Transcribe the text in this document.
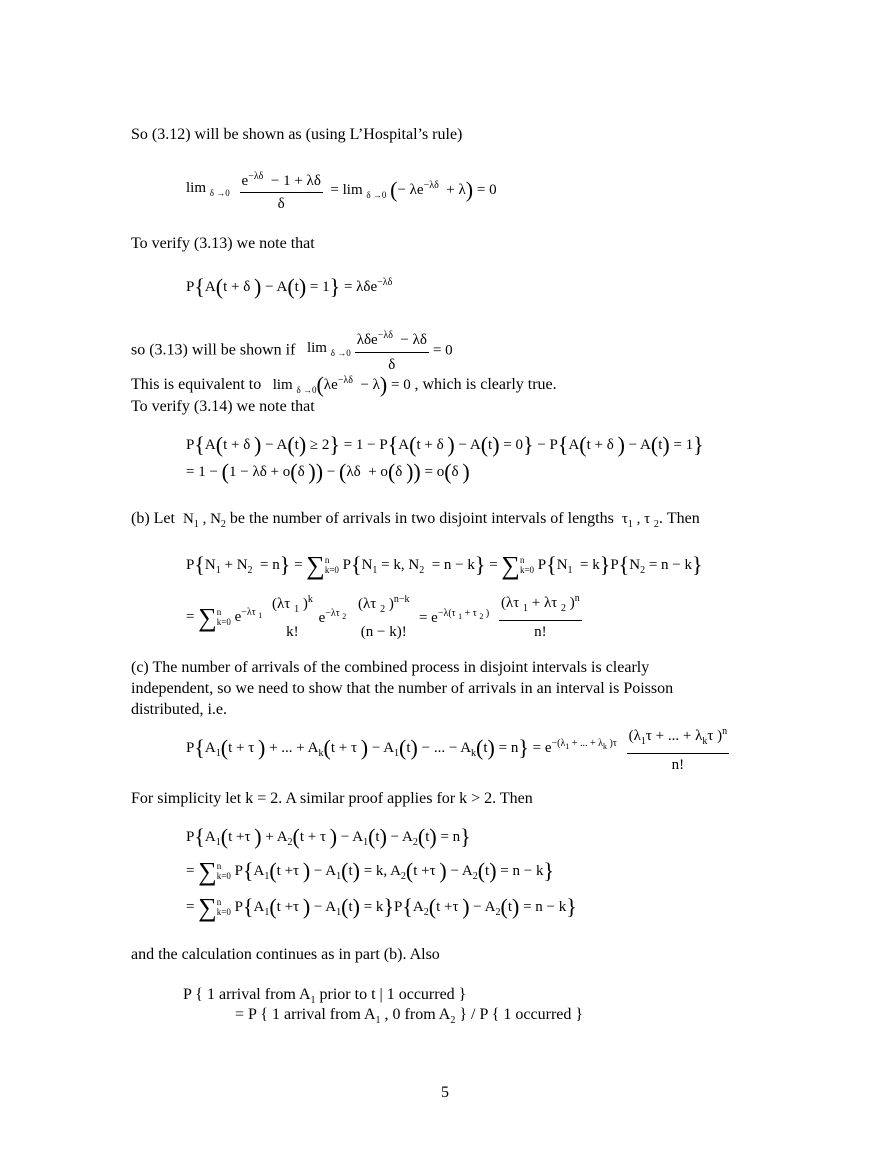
So (3.12) will be shown as (using L’Hospital’s rule)
$\lim _{\delta \to 0} \frac{e^{-\lambda\delta} - 1 + \lambda\delta}{\delta} = \lim _{\delta \to 0}$ (− $\lambda e^{-\lambda\delta} + \lambda) = 0$
To verify (3.13) we note that
P{A(t + δ ) − A(t) = 1} = λδe$^{-\lambda\delta}$
so (3.13) will be shown if   $\lim _{\delta \to 0} \frac{\lambda\delta e^{-\lambda\delta} - \lambda\delta}{\delta} = 0$
This is equivalent to   $\lim _{\delta \to 0}(\lambda e^{-\lambda\delta} - \lambda) = 0$ , which is clearly true.
To verify (3.14) we note that
P{A(t + δ ) − A(t) ≥ 2} = 1 − P{A(t + δ ) − A(t) = 0} − P{A(t + δ ) − A(t) = 1}
= 1 − (1 − λδ + o(δ )) − (λδ  + o(δ )) = o(δ )
(b) Let $N_1$ , $N_2$ be the number of arrivals in two disjoint intervals of lengths $\tau_1$ , τ $_2$. Then
$P\{N_1 + N_2 = n\} = \sum n$
k=0 $P\{N_1 = k$, $N_2 = n - k\} = \sum n$
k=0 $P\{N_1 = k\}P\{N_2 = n - k\}$
= ∑n
k=0 $e^{-\lambda\tau _1}$
(λτ $_1$ )$^k$
k!
$e^{-\lambda\tau _2}$
(λτ $_2$ )$^{n-k}$
(n − k)!
= $e^{-\lambda(\tau _1 + \tau _2 )} \frac{(\lambda\tau _1 + \lambda\tau _2 )^n}{n!}$
(c) The number of arrivals of the combined process in disjoint intervals is clearly
independent, so we need to show that the number of arrivals in an interval is Poisson
distributed, i.e.
$P\{A_1(t + \tau$ ) + ... + $A_k(t + \tau$ ) − $A_1(t)$ − ... − $A_k(t) = n\} = e^{-(\lambda_1 + ... + \lambda_k )\tau} \frac{(\lambda_1\tau + ... + \lambda_k\tau )^n}{n!}$
For simplicity let k = 2. A similar proof applies for k > 2. Then
$P\{A_1(t +\tau$ ) + $A_2(t + \tau$ ) − $A_1(t) - A_2(t) = n$}
= ∑n
k=0 $P\{A_1(t +\tau$ ) − $A_1(t) = k$, $A_2(t +\tau$ ) − $A_2(t) = n - k$}
= ∑n
k=0 $P\{A_1(t +\tau$ ) − $A_1(t) = k\}P\{A_2(t +\tau$ ) − $A_2(t) = n - k$}
and the calculation continues as in part (b). Also
P { 1 arrival from $A_1$ prior to t | 1 occurred }
= P { 1 arrival from $A_1$ , 0 from $A_2$ } / P { 1 occurred }
5
